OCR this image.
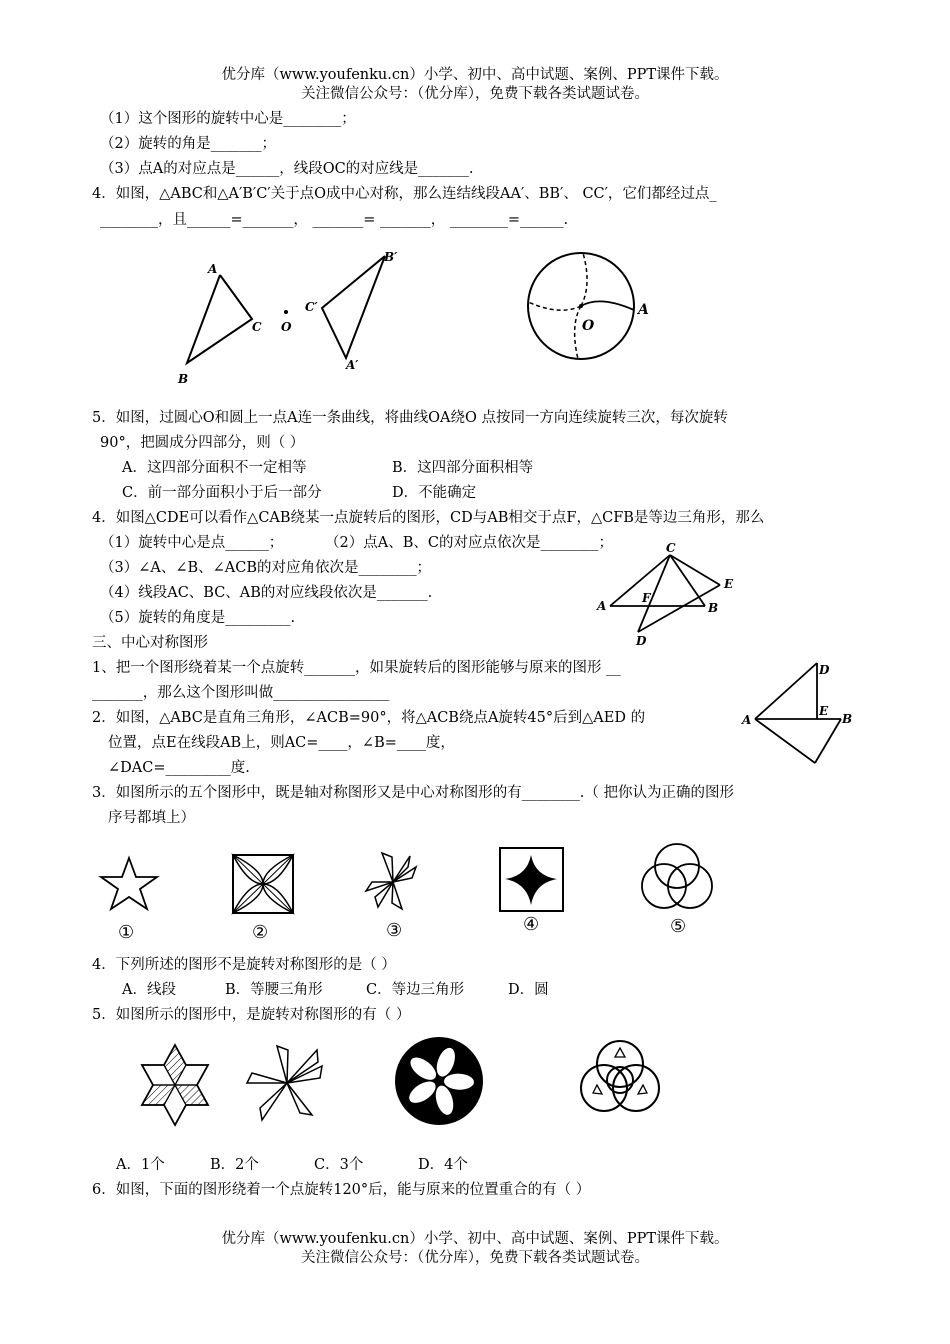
优分库（www.youfenku.cn）小学、初中、高中试题、案例、PPT课件下载。
关注微信公众号：（优分库），免费下载各类试题试卷。
（1）这个图形的旋转中心是________；
（2）旋转的角是_______；
（3）点A的对应点是______，线段OC的对应线是_______.
4．如图，△ABC和△A′B′C′关于点O成中心对称，那么连结线段AA′、BB′、 CC′，它们都经过点_
________，且______=_______， _______= _______， ________=______.
A
B
C O
B′
C′
A′
O
A
5．如图，过圆心O和圆上一点A连一条曲线，将曲线OA绕O 点按同一方向连续旋转三次，每次旋转
90°，把圆成分四部分，则（ ）
A．这四部分面积不一定相等	B．这四部分面积相等
C．前一部分面积小于后一部分	D．不能确定
4．如图△CDE可以看作△CAB绕某一点旋转后的图形，CD与AB相交于点F，△CFB是等边三角形，那么
（1）旋转中心是点______；	（2）点A、B、C的对应点依次是________；
（3）∠A、∠B、∠ACB的对应角依次是________；
（4）线段AC、BC、AB的对应线段依次是_______.
（5）旋转的角度是_________.
C
E
A
F
B
D
三、中心对称图形
1、把一个图形绕着某一个点旋转_______，如果旋转后的图形能够与原来的图形 __
_______，那么这个图形叫做________________
2．如图，△ABC是直角三角形，∠ACB=90°，将△ACB绕点A旋转45°后到△AED 的
位置，点E在线段AB上，则AC=____，∠B=____度，
∠DAC=_________度.
D
A
E
B
3．如图所示的五个图形中，既是轴对称图形又是中心对称图形的有________.（ 把你认为正确的图形
序号都填上）
①	②	③	④	⑤
4．下列所述的图形不是旋转对称图形的是（ ）
A．线段	B．等腰三角形	C．等边三角形	D．圆
5．如图所示的图形中，是旋转对称图形的有（ ）
A．1个	B．2个	C．3个	D．4个
6．如图，下面的图形绕着一个点旋转120°后，能与原来的位置重合的有（ ）
优分库（www.youfenku.cn）小学、初中、高中试题、案例、PPT课件下载。
关注微信公众号：（优分库），免费下载各类试题试卷。
